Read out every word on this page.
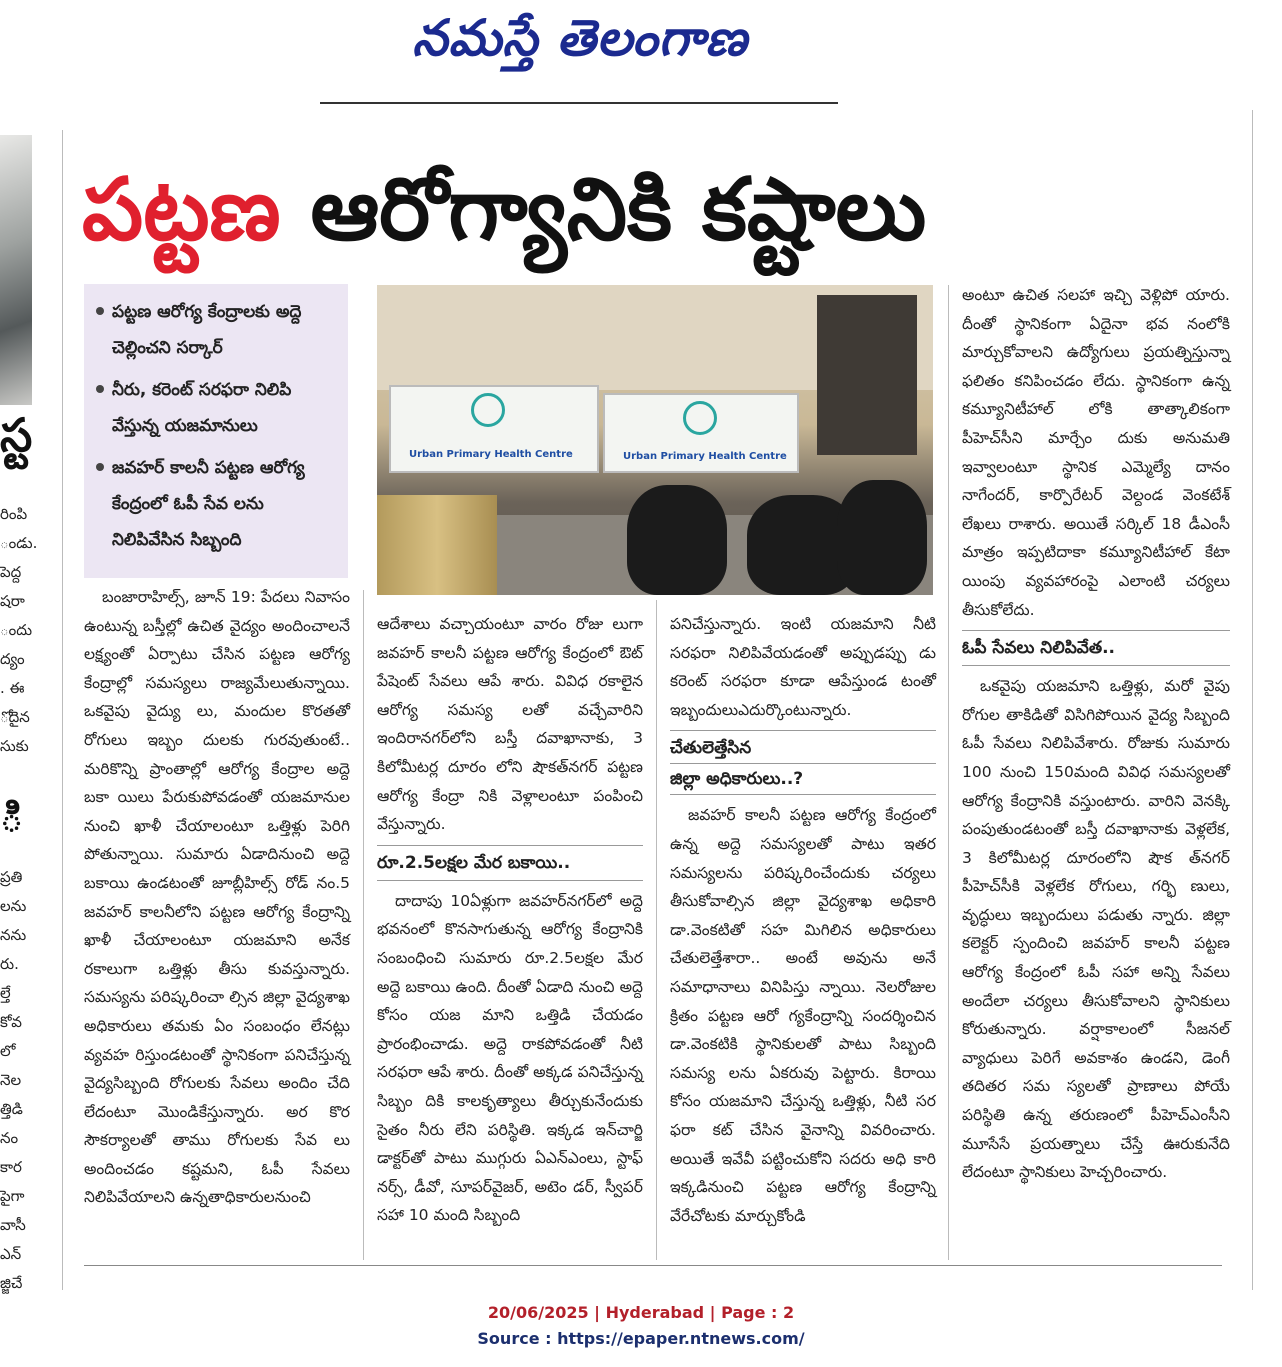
నమస్తే తెలంగాణ
స్ట
రింపి
ండు.
పెద్ద
షరా
ందు
ద్యం
. ఈ
ోదైన
సుకు
ి
ప్రతి
లను
నను
రు.
ల్తే
కోవ
లో
నెల
త్తిడి
నం
కార
పైగా
వాసీ
ఎన్
జ్జిచే
పట్టణ ఆరోగ్యానికి కష్టాలు
పట్టణ ఆరోగ్య కేంద్రాలకు అద్దె చెల్లించని సర్కార్
నీరు, కరెంట్ సరఫరా నిలిపి వేస్తున్న యజమానులు
జవహర్ కాలనీ పట్టణ ఆరోగ్య కేంద్రంలో ఓపీ సేవ లను నిలిపివేసిన సిబ్బంది
Urban Primary Health Centre	Urban Primary Health Centre

బంజారాహిల్స్, జూన్ 19: పేదలు నివాసం ఉంటున్న బస్తీల్లో ఉచిత వైద్యం అందించాలనే లక్ష్యంతో ఏర్పాటు చేసిన పట్టణ ఆరోగ్య కేంద్రాల్లో సమస్యలు రాజ్యమేలుతున్నాయి. ఒకవైపు వైద్యు లు, మందుల కొరతతో రోగులు ఇబ్బం దులకు గురవుతుంటే.. మరికొన్ని ప్రాంతాల్లో ఆరోగ్య కేంద్రాల అద్దె బకా యిలు పేరుకుపోవడంతో యజమానుల నుంచి ఖాళీ చేయాలంటూ ఒత్తిళ్లు పెరిగి పోతున్నాయి. సుమారు ఏడాదినుంచి అద్దె బకాయి ఉండటంతో జూబ్లీహిల్స్ రోడ్ నం.5 జవహర్ కాలనీలోని పట్టణ ఆరోగ్య కేంద్రాన్ని ఖాళీ చేయాలంటూ యజమాని అనేక రకాలుగా ఒత్తిళ్లు తీసు కువస్తున్నారు. సమస్యను పరిష్కరించా ల్సిన జిల్లా వైద్యశాఖ అధికారులు తమకు ఏం సంబంధం లేనట్లు వ్యవహ రిస్తుండటంతో స్థానికంగా పనిచేస్తున్న వైద్యసిబ్బంది రోగులకు సేవలు అందిం చేది లేదంటూ మొండికేస్తున్నారు. అర కొర సౌకర్యాలతో తాము రోగులకు సేవ లు అందించడం కష్టమని, ఓపీ సేవలు నిలిపివేయాలని ఉన్నతాధికారులనుంచి

ఆదేశాలు వచ్చాయంటూ వారం రోజు లుగా జవహర్ కాలనీ పట్టణ ఆరోగ్య కేంద్రంలో ఔట్ పేషెంట్ సేవలు ఆపే శారు. వివిధ రకాలైన ఆరోగ్య సమస్య లతో వచ్చేవారిని ఇందిరానగర్‌లోని బస్తీ దవాఖానాకు, 3 కిలోమీటర్ల దూరం లోని షౌకత్‌నగర్ పట్టణ ఆరోగ్య కేంద్రా నికి వెళ్లాలంటూ పంపించి వేస్తున్నారు.

రూ.2.5లక్షల మేర బకాయి..

దాదాపు 10ఏళ్లుగా జవహర్‌నగర్‌లో అద్దె భవనంలో కొనసాగుతున్న ఆరోగ్య కేంద్రానికి సంబంధించి సుమారు రూ.2.5లక్షల మేర అద్దె బకాయి ఉంది. దీంతో ఏడాది నుంచి అద్దె కోసం యజ మాని ఒత్తిడి చేయడం ప్రారంభించాడు. అద్దె రాకపోవడంతో నీటి సరఫరా ఆపే శారు. దీంతో అక్కడ పనిచేస్తున్న సిబ్బం దికి కాలకృత్యాలు తీర్చుకునేందుకు సైతం నీరు లేని పరిస్థితి. ఇక్కడ ఇన్‌చార్జి డాక్టర్‌తో పాటు ముగ్గురు ఏఎన్‌ఎంలు, స్టాఫ్ నర్స్, డీవో, సూపర్‌వైజర్, అటెం డర్, స్వీపర్ సహా 10 మంది సిబ్బంది

పనిచేస్తున్నారు. ఇంటి యజమాని నీటి సరఫరా నిలిపివేయడంతో అప్పుడప్పు డు కరెంట్ సరఫరా కూడా ఆపేస్తుండ టంతో ఇబ్బందులుఎదుర్కొంటున్నారు.

చేతులెత్తేసిన
జిల్లా అధికారులు..?

జవహర్ కాలనీ పట్టణ ఆరోగ్య కేంద్రంలో ఉన్న అద్దె సమస్యలతో పాటు ఇతర సమస్యలను పరిష్కరించేందుకు చర్యలు తీసుకోవాల్సిన జిల్లా వైద్యశాఖ అధికారి డా.వెంకటితో సహ మిగిలిన అధికారులు చేతులెత్తేశారా.. అంటే అవును అనే సమాధానాలు వినిపిస్తు న్నాయి. నెలరోజుల క్రితం పట్టణ ఆరో గ్యకేంద్రాన్ని సందర్శించిన డా.వెంకటికి స్థానికులతో పాటు సిబ్బంది సమస్య లను ఏకరువు పెట్టారు. కిరాయి కోసం యజమాని చేస్తున్న ఒత్తిళ్లు, నీటి సర ఫరా కట్ చేసిన వైనాన్ని వివరించారు. అయితే ఇవేవీ పట్టించుకోని సదరు అధి కారి ఇక్కడినుంచి పట్టణ ఆరోగ్య కేంద్రాన్ని వేరేచోటకు మార్చుకోండి

అంటూ ఉచిత సలహా ఇచ్చి వెళ్లిపో యారు. దీంతో స్థానికంగా ఏదైనా భవ నంలోకి మార్చుకోవాలని ఉద్యోగులు ప్రయత్నిస్తున్నా ఫలితం కనిపించడం లేదు. స్థానికంగా ఉన్న కమ్యూనిటీహాల్ లోకి తాత్కాలికంగా పీహెచ్‌సీని మార్చేం దుకు అనుమతి ఇవ్వాలంటూ స్థానిక ఎమ్మెల్యే దానం నాగేందర్, కార్పొరేటర్ వెల్దండ వెంకటేశ్ లేఖలు రాశారు. అయితే సర్కిల్ 18 డీఎంసీ మాత్రం ఇప్పటిదాకా కమ్యూనిటీహాల్ కేటా యింపు వ్యవహారంపై ఎలాంటి చర్యలు తీసుకోలేదు.

ఓపీ సేవలు నిలిపివేత..

ఒకవైపు యజమాని ఒత్తిళ్లు, మరో వైపు రోగుల తాకిడితో విసిగిపోయిన వైద్య సిబ్బంది ఓపీ సేవలు నిలిపివేశారు. రోజుకు సుమారు 100 నుంచి 150మంది వివిధ సమస్యలతో ఆరోగ్య కేంద్రానికి వస్తుంటారు. వారిని వెనక్కి పంపుతుండటంతో బస్తీ దవాఖానాకు వెళ్లలేక, 3 కిలోమీటర్ల దూరంలోని షౌక త్‌నగర్ పీహెచ్‌సీకి వెళ్లలేక రోగులు, గర్భి ణులు, వృద్ధులు ఇబ్బందులు పడుతు న్నారు. జిల్లా కలెక్టర్ స్పందించి జవహర్ కాలనీ పట్టణ ఆరోగ్య కేంద్రంలో ఓపీ సహా అన్ని సేవలు అందేలా చర్యలు తీసుకోవాలని స్థానికులు కోరుతున్నారు. వర్షాకాలంలో సీజనల్ వ్యాధులు పెరిగే అవకాశం ఉండని, డెంగీ తదితర సమ స్యలతో ప్రాణాలు పోయే పరిస్థితి ఉన్న తరుణంలో పీహెచ్‌ఎంసీని మూసేసే ప్రయత్నాలు చేస్తే ఊరుకునేది లేదంటూ స్థానికులు హెచ్చరించారు.

20/06/2025 | Hyderabad | Page : 2
Source : https://epaper.ntnews.com/
